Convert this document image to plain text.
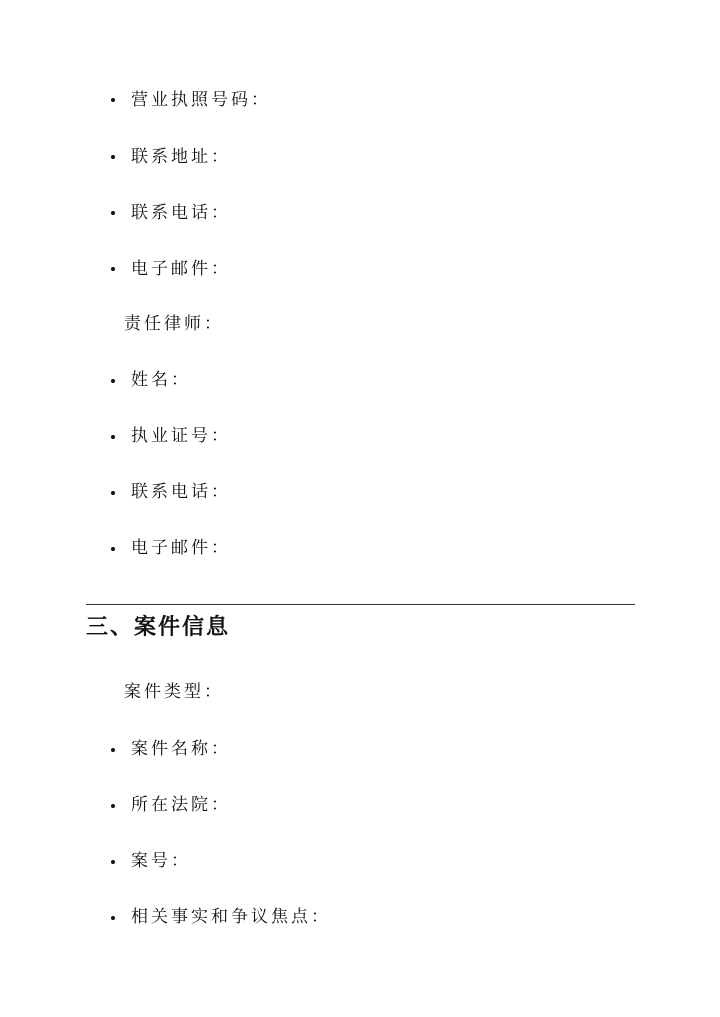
营业执照号码：
联系地址：
联系电话：
电子邮件：
责任律师：
姓名：
执业证号：
联系电话：
电子邮件：
三、案件信息
案件类型：
案件名称：
所在法院：
案号：
相关事实和争议焦点：
